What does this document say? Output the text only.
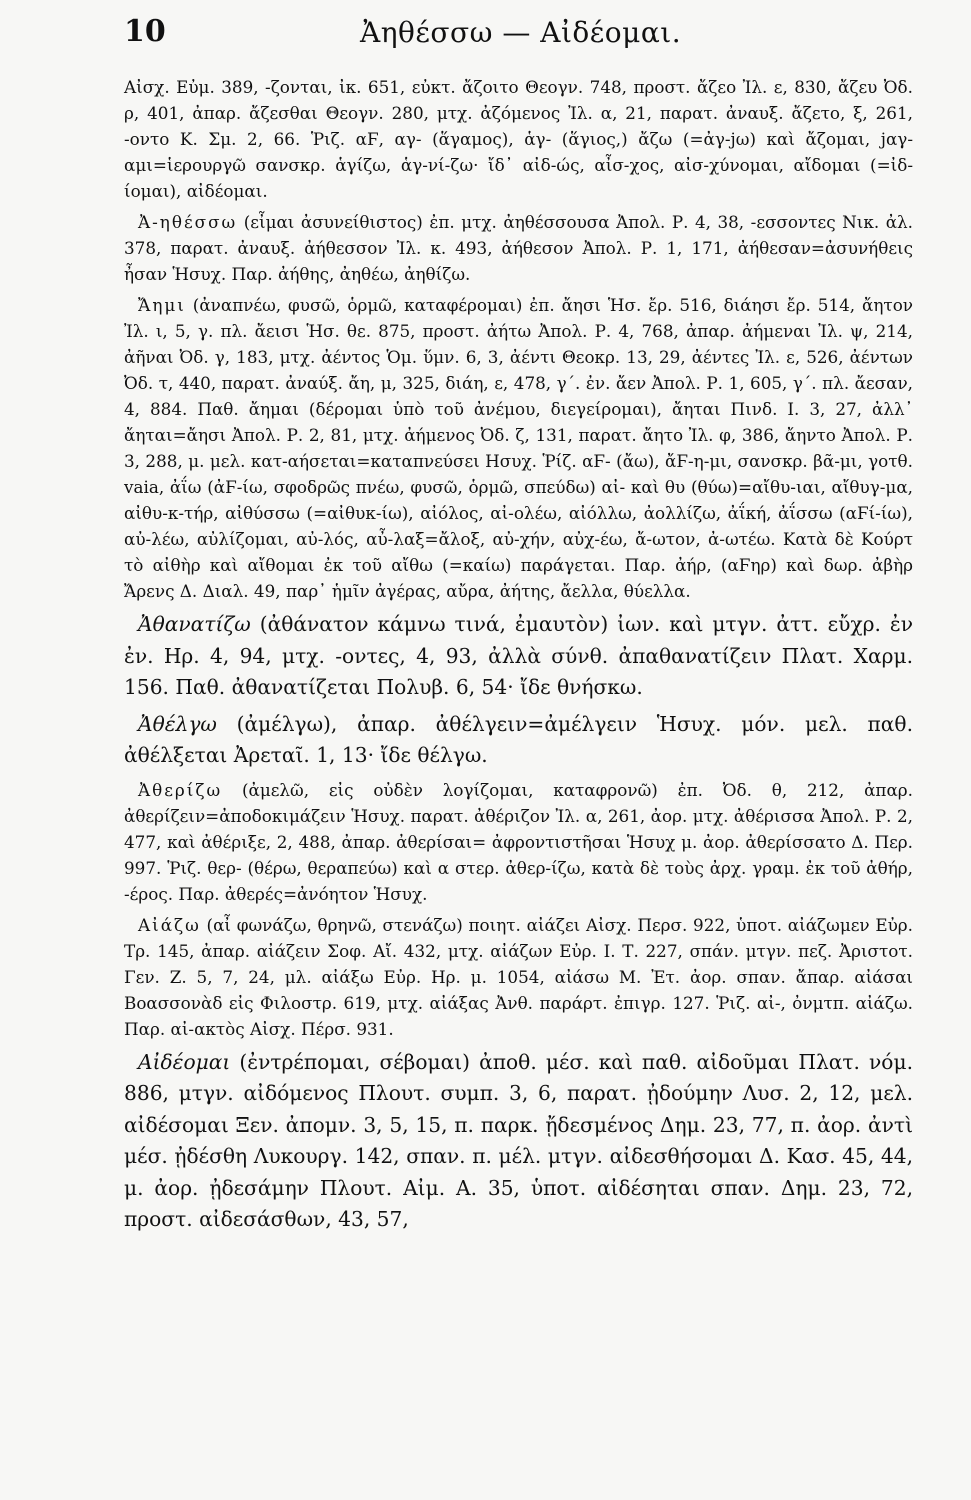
10	Ἀηθέσσω — Αἰδέομαι.

Αἰσχ. Εὐμ. 389, -ζονται, ἰκ. 651, εὐκτ. ἄζοιτο Θεογν. 748, προστ. ἄζεο Ἰλ. ε, 830, ἄζευ Ὀδ. ρ, 401, ἀπαρ. ἄζεσθαι Θεογν. 280, μτχ. ἀζόμενος Ἰλ. α, 21, παρατ. ἀναυξ. ἄζετο, ξ, 261, -οντο Κ. Σμ. 2, 66. Ῥιζ. αϜ, αγ- (ἅγαμος), ἁγ- (ἅγιος,) ἄζω (=ἀγ-jω) καὶ ἄζομαι, jαγ-αμι=ἱερουργῶ σανσκρ. ἁγίζω, ἁγ-νί-ζω· ἴδ᾽ αἰδ-ώς, αἶσ-χος, αἰσ-χύνομαι, αἴδομαι (=ἰδ-ίομαι), αἰδέομαι.

Ἀ-ηθέσσω (εἶμαι ἀσυνείθιστος) ἐπ. μτχ. ἀηθέσσουσα Ἀπολ. Ρ. 4, 38, -εσσοντες Νικ. ἀλ. 378, παρατ. ἀναυξ. ἀήθεσσον Ἰλ. κ. 493, ἀήθεσον Ἀπολ. Ρ. 1, 171, ἀήθεσαν=ἀσυνήθεις ἦσαν Ἡσυχ. Παρ. ἀήθης, ἀηθέω, ἀηθίζω.

Ἄημι (ἀναπνέω, φυσῶ, ὁρμῶ, καταφέρομαι) ἐπ. ἄησι Ἡσ. ἔρ. 516, διάησι ἔρ. 514, ἄητον Ἰλ. ι, 5, γ. πλ. ἄεισι Ἡσ. θε. 875, προστ. ἀήτω Ἀπολ. Ρ. 4, 768, ἀπαρ. ἀήμεναι Ἰλ. ψ, 214, ἀῆναι Ὀδ. γ, 183, μτχ. ἀέντος Ὁμ. ὕμν. 6, 3, ἀέντι Θεοκρ. 13, 29, ἀέντες Ἰλ. ε, 526, ἀέντων Ὀδ. τ, 440, παρατ. ἀναύξ. ἄη, μ, 325, διάη, ε, 478, γ´. ἐν. ἄεν Ἀπολ. Ρ. 1, 605, γ´. πλ. ἄεσαν, 4, 884. Παθ. ἄημαι (δέρομαι ὑπὸ τοῦ ἀνέμου, διεγείρομαι), ἄηται Πινδ. Ι. 3, 27, ἀλλ᾽ ἄηται=ἄησι Ἀπολ. Ρ. 2, 81, μτχ. ἀήμενος Ὀδ. ζ, 131, παρατ. ἄητο Ἰλ. φ, 386, ἄηντο Ἀπολ. Ρ. 3, 288, μ. μελ. κατ-αήσεται=καταπνεύσει Ησυχ. Ῥίζ. αϜ- (ἄω), ἄϜ-η-μι, σανσκρ. βᾶ-μι, γοτθ. vaia, ἀΐω (ἀϜ-ίω, σφοδρῶς πνέω, φυσῶ, ὁρμῶ, σπεύδω) αἰ- καὶ θυ (θύω)=αἴθυ-ιαι, αἴθυγ-μα, αἰθυ-κ-τήρ, αἰθύσσω (=αἰθυκ-ίω), αἰόλος, αἰ-ολέω, αἰόλλω, ἀολλίζω, ἀΐκή, ἀΐσσω (αϜί-ίω), αὐ-λέω, αὐλίζομαι, αὐ-λός, αὖ-λαξ=ἄλοξ, αὐ-χήν, αὐχ-έω, ἄ-ωτον, ἀ-ωτέω. Κατὰ δὲ Κούρτ τὸ αἰθὴρ καὶ αἴθομαι ἐκ τοῦ αἴθω (=καίω) παράγεται. Παρ. ἀήρ, (αϜηρ) καὶ δωρ. ἀβὴρ Ἄρενς Δ. Διαλ. 49, παρ᾽ ἡμῖν ἀγέρας, αὔρα, ἀήτης, ἄελλα, θύελλα.

Ἀθανατίζω (ἀθάνατον κάμνω τινά, ἐμαυτὸν) ἰων. καὶ μτγν. ἀττ. εὔχρ. ἐν ἐν. Ηρ. 4, 94, μτχ. -οντες, 4, 93, ἀλλὰ σύνθ. ἀπαθανατίζειν Πλατ. Χαρμ. 156. Παθ. ἀθανατίζεται Πολυβ. 6, 54· ἴδε θνήσκω.

Ἀθέλγω (ἀμέλγω), ἀπαρ. ἀθέλγειν=ἀμέλγειν Ἡσυχ. μόν. μελ. παθ. ἀθέλξεται Ἀρεταῖ. 1, 13· ἴδε θέλγω.

Ἀθερίζω (ἀμελῶ, εἰς οὐδὲν λογίζομαι, καταφρονῶ) ἐπ. Ὀδ. θ, 212, ἀπαρ. ἀθερίζειν=ἀποδοκιμάζειν Ἡσυχ. παρατ. ἀθέριζον Ἰλ. α, 261, ἀορ. μτχ. ἀθέρισσα Ἀπολ. Ρ. 2, 477, καὶ ἀθέριξε, 2, 488, ἀπαρ. ἀθερίσαι= ἀφροντιστῆσαι Ἡσυχ μ. ἀορ. ἀθερίσσατο Δ. Περ. 997. Ῥιζ. θερ- (θέρω, θεραπεύω) καὶ α στερ. ἀθερ-ίζω, κατὰ δὲ τοὺς ἀρχ. γραμ. ἐκ τοῦ ἀθήρ, -έρος. Παρ. ἀθερές=ἀνόητον Ἡσυχ.

Αἰάζω (αἶ φωνάζω, θρηνῶ, στενάζω) ποιητ. αἰάζει Αἰσχ. Περσ. 922, ὑποτ. αἰάζωμεν Εὐρ. Τρ. 145, ἀπαρ. αἰάζειν Σοφ. Αἴ. 432, μτχ. αἰάζων Εὐρ. Ι. Τ. 227, σπάν. μτγν. πεζ. Ἀριστοτ. Γεν. Ζ. 5, 7, 24, μλ. αἰάξω Εὐρ. Ηρ. μ. 1054, αἰάσω Μ. Ἐτ. ἀορ. σπαν. ἄπαρ. αἰάσαι Βοασσονὰδ εἰς Φιλοστρ. 619, μτχ. αἰάξας Ἀνθ. παράρτ. ἐπιγρ. 127. Ῥιζ. αἰ-, ὀνμτπ. αἰάζω. Παρ. αἰ-ακτὸς Αἰσχ. Πέρσ. 931.

Αἰδέομαι (ἐντρέπομαι, σέβομαι) ἀποθ. μέσ. καὶ παθ. αἰδοῦμαι Πλατ. νόμ. 886, μτγν. αἰδόμενος Πλουτ. συμπ. 3, 6, παρατ. ᾐδούμην Λυσ. 2, 12, μελ. αἰδέσομαι Ξεν. ἀπομν. 3, 5, 15, π. παρκ. ᾔδεσμένος Δημ. 23, 77, π. ἀορ. ἀντὶ μέσ. ᾐδέσθη Λυκουργ. 142, σπαν. π. μέλ. μτγν. αἰδεσθήσομαι Δ. Κασ. 45, 44, μ. ἀορ. ᾐδεσάμην Πλουτ. Αἰμ. Α. 35, ὑποτ. αἰδέσηται σπαν. Δημ. 23, 72, προστ. αἰδεσάσθων, 43, 57,
